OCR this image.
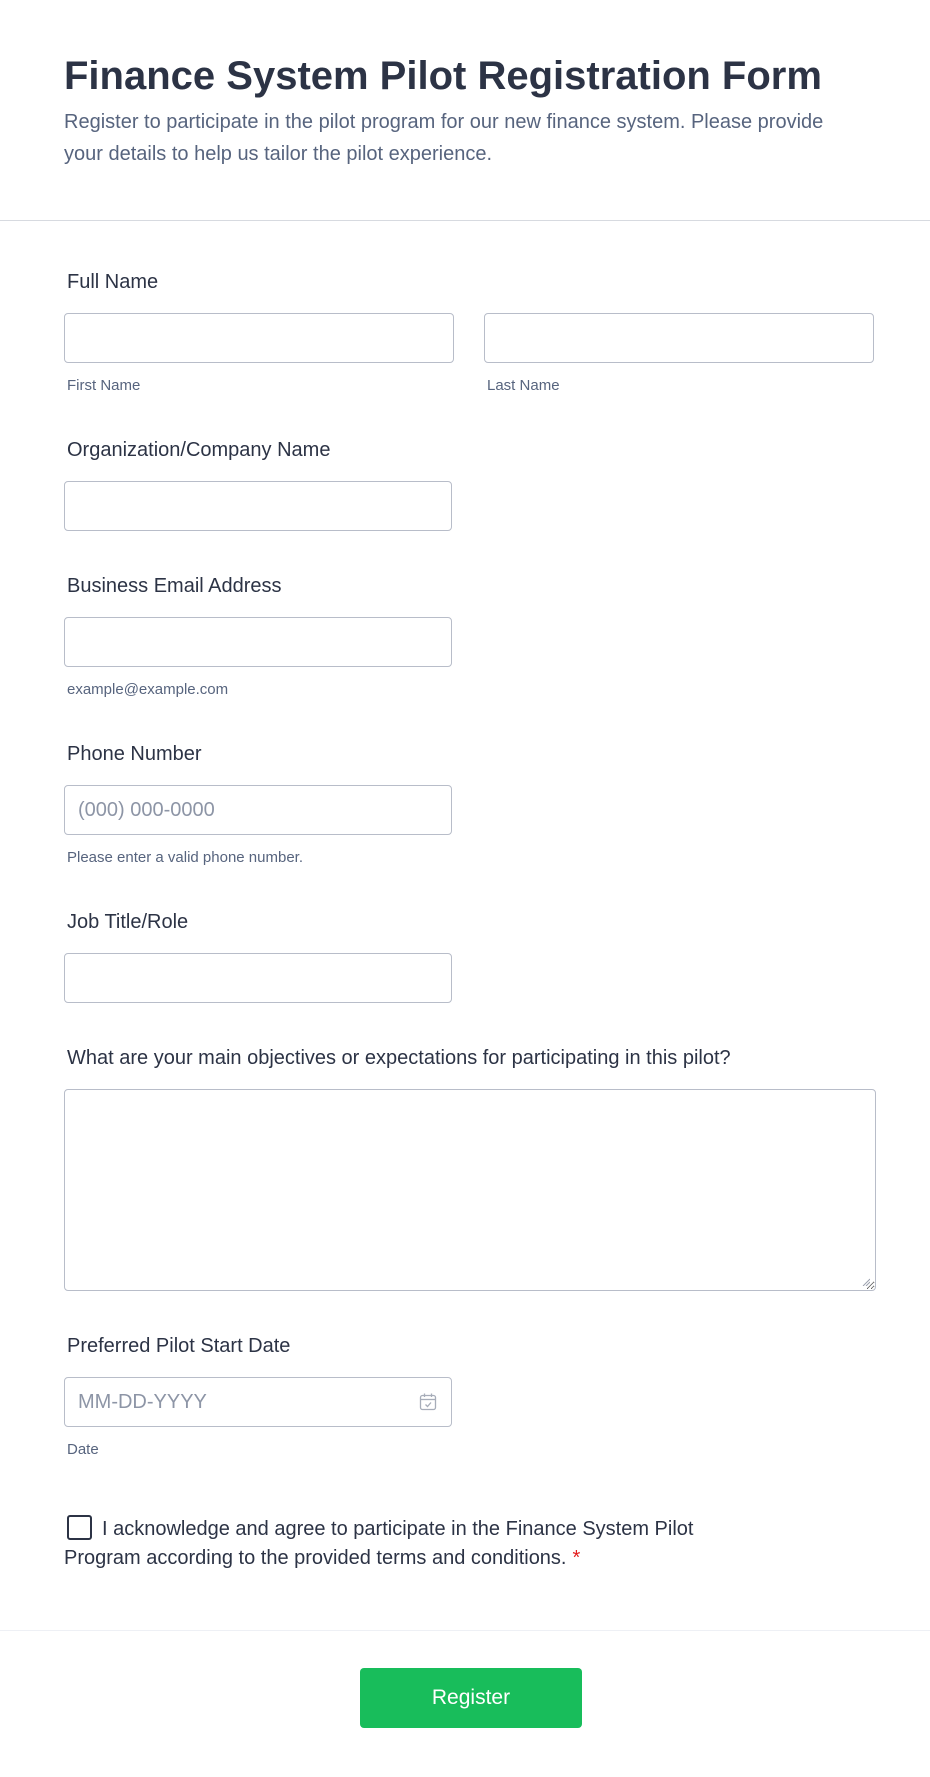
Finance System Pilot Registration Form

Register to participate in the pilot program for our new finance system. Please provide your details to help us tailor the pilot experience.

Full Name
First Name	Last Name
Organization/Company Name
Business Email Address
example@example.com
Phone Number
(000) 000-0000
Please enter a valid phone number.
Job Title/Role
What are your main objectives or expectations for participating in this pilot?
Preferred Pilot Start Date
MM-DD-YYYY
Date
I acknowledge and agree to participate in the Finance System Pilot Program according to the provided terms and conditions. *
Register
